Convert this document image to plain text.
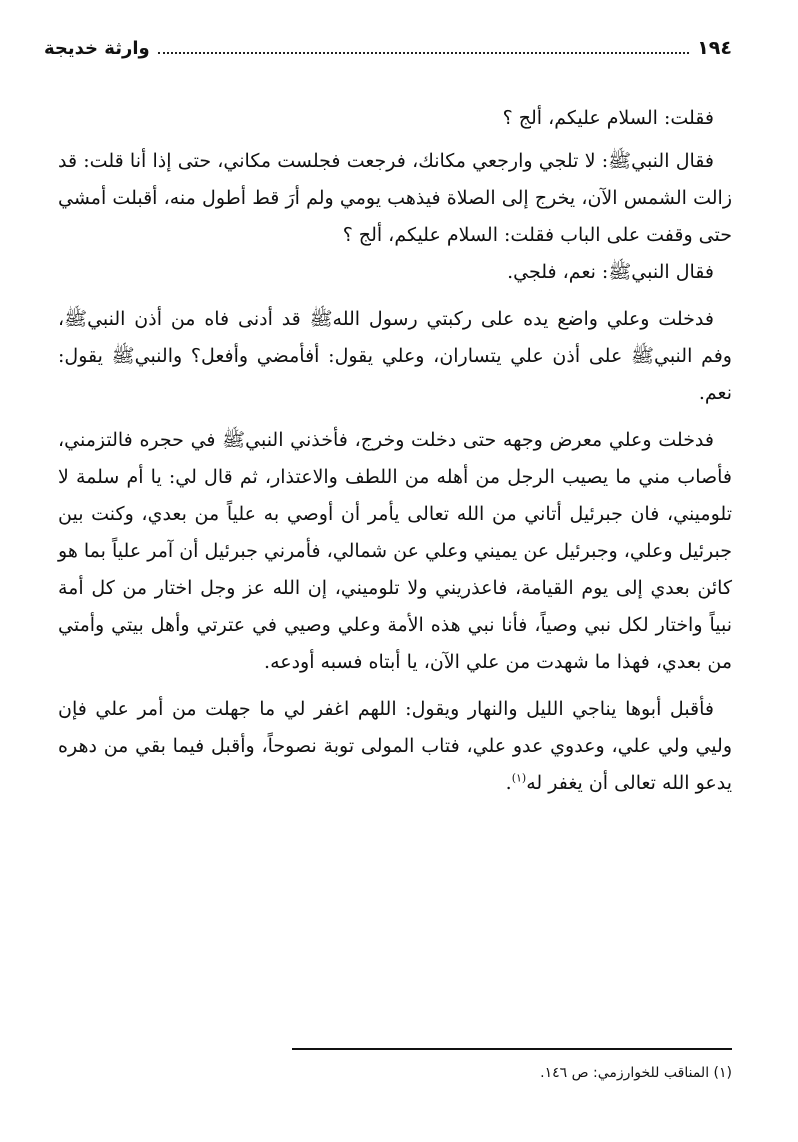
١٩٤
وارثة خديجة

فقلت: السلام عليكم، ألج ؟

فقال النبيﷺ: لا تلجي وارجعي مكانك، فرجعت فجلست مكاني، حتى إذا أنا قلت: قد زالت الشمس الآن، يخرج إلى الصلاة فيذهب يومي ولم أرَ قط أطول منه، أقبلت أمشي حتى وقفت على الباب فقلت: السلام عليكم، ألج ؟

فقال النبيﷺ: نعم، فلجي.

فدخلت وعلي واضع يده على ركبتي رسول اللهﷺ قد أدنى فاه من أذن النبيﷺ، وفم النبيﷺ على أذن علي يتساران، وعلي يقول: أفأمضي وأفعل؟ والنبيﷺ يقول: نعم.

فدخلت وعلي معرض وجهه حتى دخلت وخرج، فأخذني النبيﷺ في حجره فالتزمني، فأصاب مني ما يصيب الرجل من أهله من اللطف والاعتذار، ثم قال لي: يا أم سلمة لا تلوميني، فان جبرئيل أتاني من الله تعالى يأمر أن أوصي به علياً من بعدي، وكنت بين جبرئيل وعلي، وجبرئيل عن يميني وعلي عن شمالي، فأمرني جبرئيل أن آمر علياً بما هو كائن بعدي إلى يوم القيامة، فاعذريني ولا تلوميني، إن الله عز وجل اختار من كل أمة نبياً واختار لكل نبي وصياً، فأنا نبي هذه الأمة وعلي وصيي في عترتي وأهل بيتي وأمتي من بعدي، فهذا ما شهدت من علي الآن، يا أبتاه فسبه أودعه.

فأقبل أبوها يناجي الليل والنهار ويقول: اللهم اغفر لي ما جهلت من أمر علي فإن وليي ولي علي، وعدوي عدو علي، فتاب المولى توبة نصوحاً، وأقبل فيما بقي من دهره يدعو الله تعالى أن يغفر له$^{(١)}$.

(١) المناقب للخوارزمي: ص ١٤٦.
